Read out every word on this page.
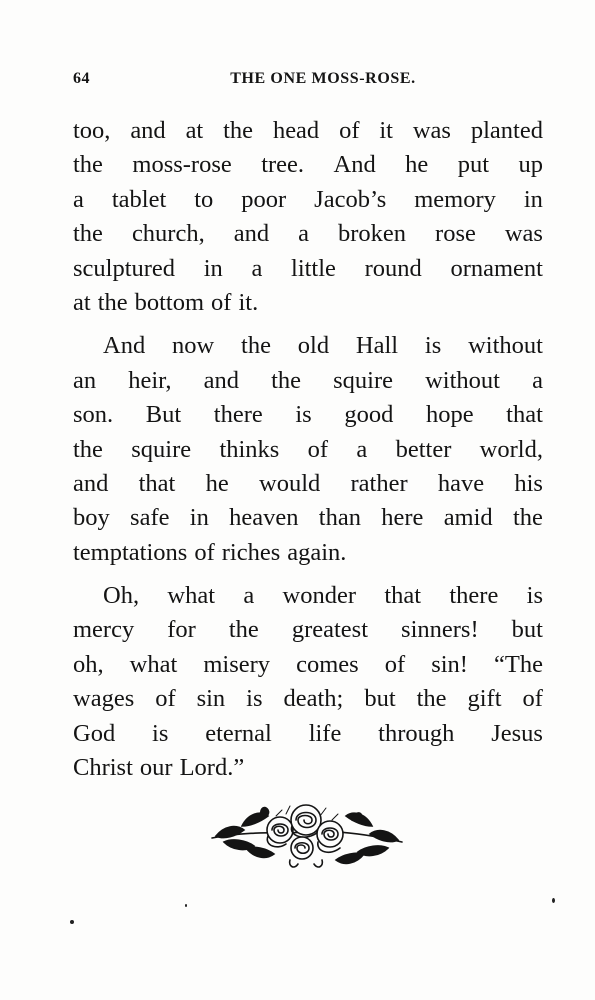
64	THE ONE MOSS-ROSE.
too, and at the head of it was planted
the moss-rose tree. And he put up
a tablet to poor Jacob’s memory in
the church, and a broken rose was
sculptured in a little round ornament
at the bottom of it.
And now the old Hall is without
an heir, and the squire without a
son. But there is good hope that
the squire thinks of a better world,
and that he would rather have his
boy safe in heaven than here amid the
temptations of riches again.
Oh, what a wonder that there is
mercy for the greatest sinners! but
oh, what misery comes of sin! “The
wages of sin is death; but the gift of
God is eternal life through Jesus
Christ our Lord.”
